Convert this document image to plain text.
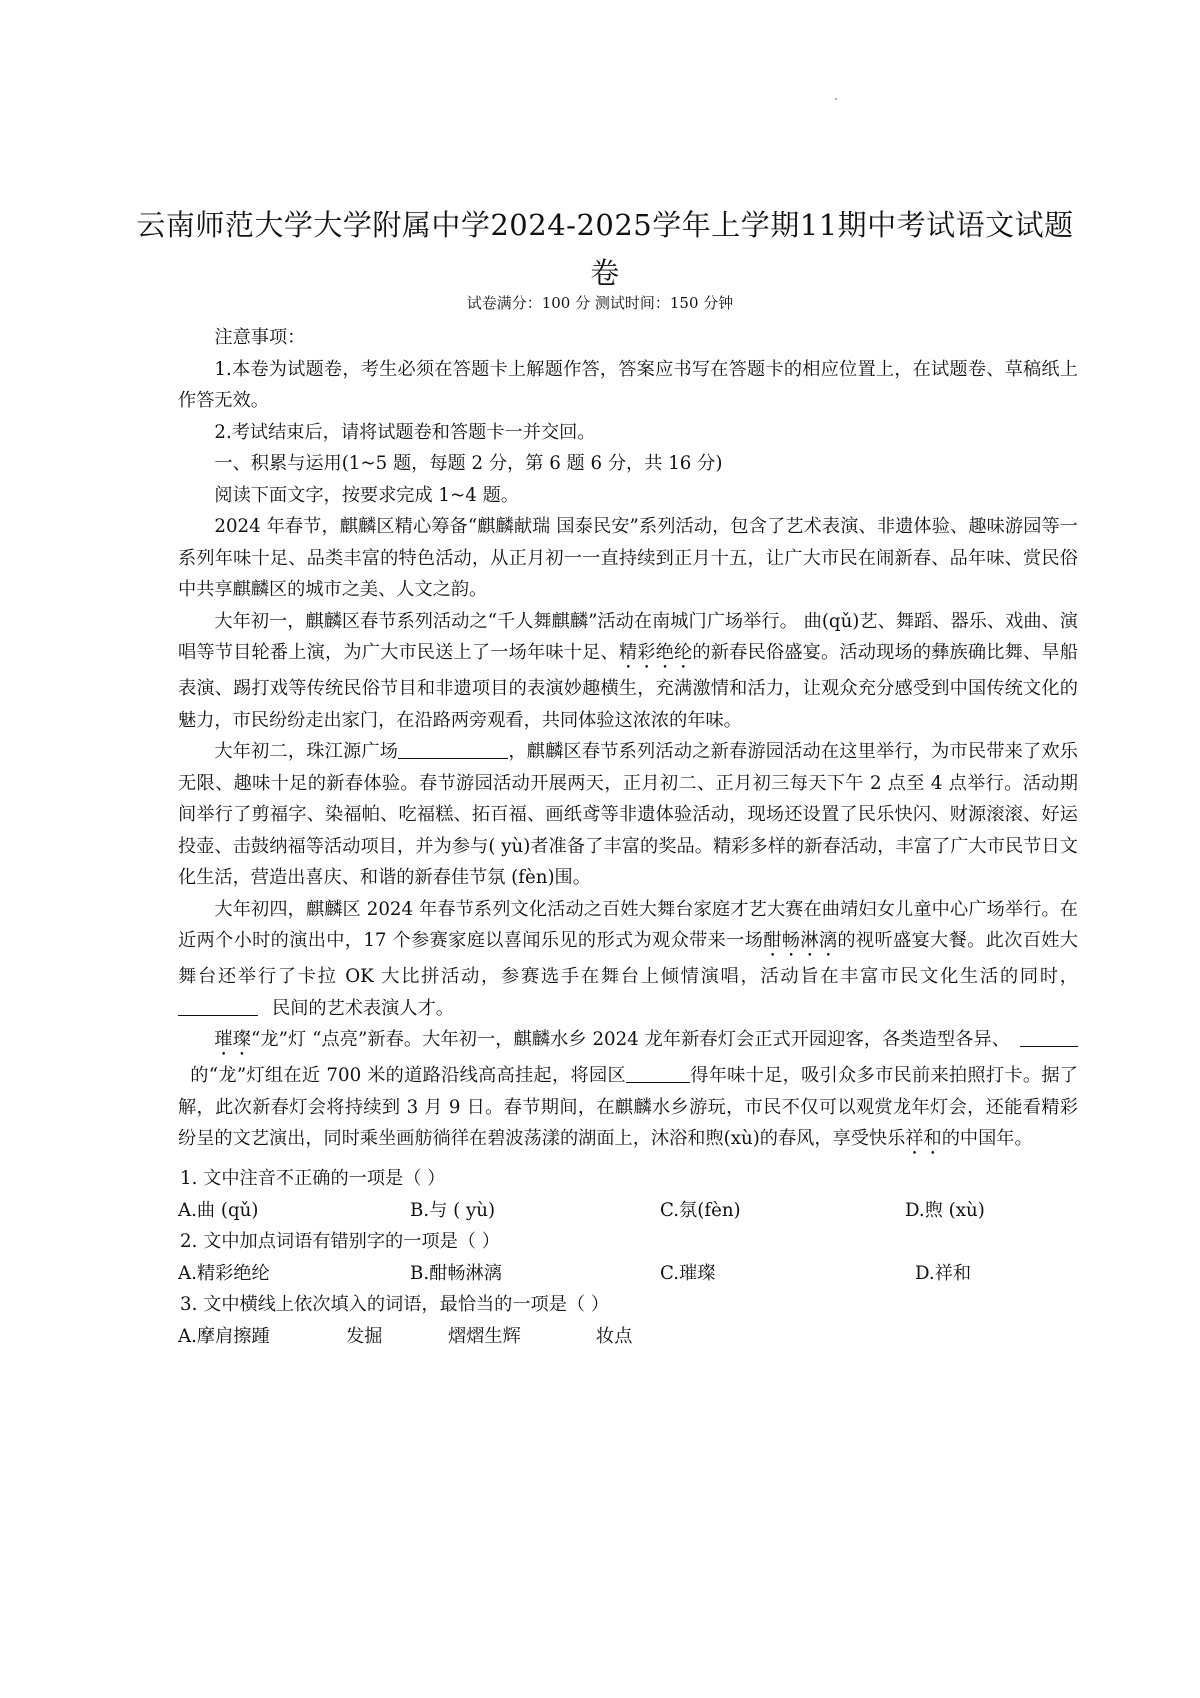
云南师范大学大学附属中学2024-2025学年上学期11期中考试语文试题卷
试卷满分：100 分 测试时间：150 分钟

注意事项：

1.本卷为试题卷，考生必须在答题卡上解题作答，答案应书写在答题卡的相应位置上，在试题卷、草稿纸上作答无效。

2.考试结束后，请将试题卷和答题卡一并交回。

一、积累与运用(1~5 题，每题 2 分，第 6 题 6 分，共 16 分)

阅读下面文字，按要求完成 1~4 题。

2024 年春节，麒麟区精心筹备“麒麟献瑞 国泰民安”系列活动，包含了艺术表演、非遗体验、趣味游园等一系列年味十足、品类丰富的特色活动，从正月初一一直持续到正月十五，让广大市民在闹新春、品年味、赏民俗中共享麒麟区的城市之美、人文之韵。

大年初一，麒麟区春节系列活动之“千人舞麒麟”活动在南城门广场举行。 曲(qǔ)艺、舞蹈、器乐、戏曲、演唱等节目轮番上演，为广大市民送上了一场年味十足、精彩绝纶的新春民俗盛宴。活动现场的彝族确比舞、旱船表演、踢打戏等传统民俗节目和非遗项目的表演妙趣横生，充满激情和活力，让观众充分感受到中国传统文化的魅力，市民纷纷走出家门，在沿路两旁观看，共同体验这浓浓的年味。

大年初二，珠江源广场	，麒麟区春节系列活动之新春游园活动在这里举行，为市民带来了欢乐无限、趣味十足的新春体验。春节游园活动开展两天，正月初二、正月初三每天下午 2 点至 4 点举行。活动期间举行了剪福字、染福帕、吃福糕、拓百福、画纸鸢等非遗体验活动，现场还设置了民乐快闪、财源滚滚、好运投壶、击鼓纳福等活动项目，并为参与( yù)者准备了丰富的奖品。精彩多样的新春活动，丰富了广大市民节日文化生活，营造出喜庆、和谐的新春佳节氛 (fèn)围。

大年初四，麒麟区 2024 年春节系列文化活动之百姓大舞台家庭才艺大赛在曲靖妇女儿童中心广场举行。在近两个小时的演出中，17 个参赛家庭以喜闻乐见的形式为观众带来一场酣畅淋漓的视听盛宴大餐。此次百姓大舞台还举行了卡拉 OK 大比拼活动，参赛选手在舞台上倾情演唱，活动旨在丰富市民文化生活的同时，民间的艺术表演人才。

璀璨“龙”灯 “点亮”新春。大年初一，麒麟水乡 2024 龙年新春灯会正式开园迎客，各类造型各异、的“龙”灯组在近 700 米的道路沿线高高挂起，将园区	得年味十足，吸引众多市民前来拍照打卡。据了解，此次新春灯会将持续到 3 月 9 日。春节期间，在麒麟水乡游玩，市民不仅可以观赏龙年灯会，还能看精彩纷呈的文艺演出，同时乘坐画舫徜徉在碧波荡漾的湖面上，沐浴和煦(xù)的春风，享受快乐祥和的中国年。

1. 文中注音不正确的一项是（ ）

A.曲 (qǔ)	B.与 ( yù)	C.氛(fèn)	D.煦 (xù)

2. 文中加点词语有错别字的一项是（ ）

A.精彩绝纶	B.酣畅淋漓	C.璀璨	D.祥和

3. 文中横线上依次填入的词语，最恰当的一项是（ ）

A.摩肩擦踵	发掘	熠熠生辉	妆点
